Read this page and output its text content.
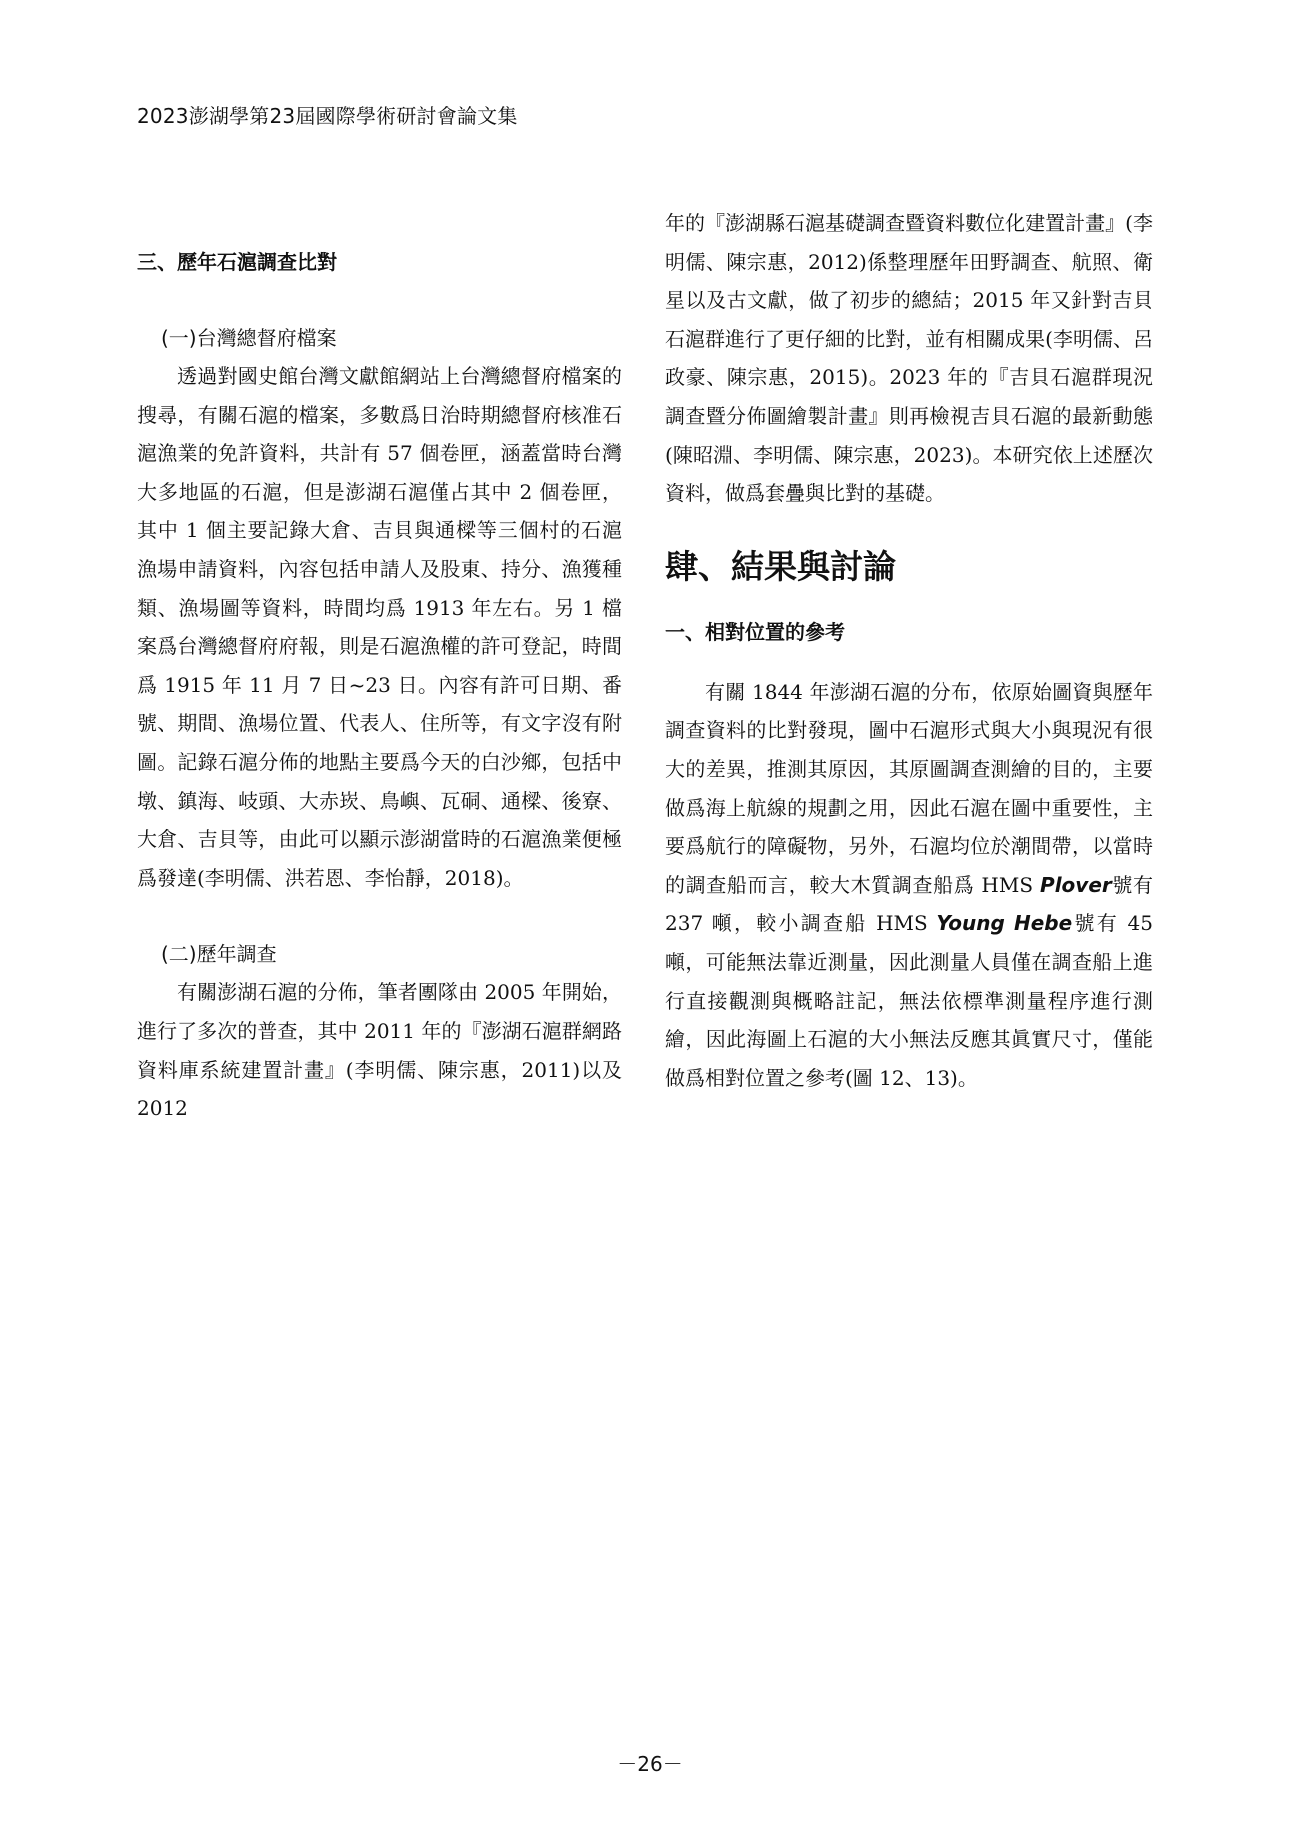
2023澎湖學第23屆國際學術研討會論文集

三、歷年石滬調查比對

(一)台灣總督府檔案

透過對國史館台灣文獻館網站上台灣總督府檔案的搜尋，有關石滬的檔案，多數爲日治時期總督府核准石滬漁業的免許資料，共計有 57 個卷匣，涵蓋當時台灣大多地區的石滬，但是澎湖石滬僅占其中 2 個卷匣，其中 1 個主要記錄大倉、吉貝與通樑等三個村的石滬漁場申請資料，內容包括申請人及股東、持分、漁獲種類、漁場圖等資料，時間均爲 1913 年左右。另 1 檔案爲台灣總督府府報，則是石滬漁權的許可登記，時間爲 1915 年 11 月 7 日~23 日。內容有許可日期、番號、期間、漁場位置、代表人、住所等，有文字沒有附圖。記錄石滬分佈的地點主要爲今天的白沙鄉，包括中墩、鎮海、岐頭、大赤崁、鳥嶼、瓦硐、通樑、後寮、大倉、吉貝等，由此可以顯示澎湖當時的石滬漁業便極爲發達(李明儒、洪若恩、李怡靜，2018)。

(二)歷年調查

有關澎湖石滬的分佈，筆者團隊由 2005 年開始，進行了多次的普查，其中 2011 年的『澎湖石滬群網路資料庫系統建置計畫』(李明儒、陳宗惠，2011)以及 2012

年的『澎湖縣石滬基礎調查暨資料數位化建置計畫』(李明儒、陳宗惠，2012)係整理歷年田野調查、航照、衛星以及古文獻，做了初步的總結；2015 年又針對吉貝石滬群進行了更仔細的比對，並有相關成果(李明儒、呂政豪、陳宗惠，2015)。2023 年的『吉貝石滬群現況調查暨分佈圖繪製計畫』則再檢視吉貝石滬的最新動態(陳昭淵、李明儒、陳宗惠，2023)。本研究依上述歷次資料，做爲套疊與比對的基礎。

肆、結果與討論

一、相對位置的參考

有關 1844 年澎湖石滬的分布，依原始圖資與歷年調查資料的比對發現，圖中石滬形式與大小與現況有很大的差異，推測其原因，其原圖調查測繪的目的，主要做爲海上航線的規劃之用，因此石滬在圖中重要性，主要爲航行的障礙物，另外，石滬均位於潮間帶，以當時的調查船而言，較大木質調查船爲 HMS Plover號有 237 噸，較小調查船 HMS Young Hebe號有 45 噸，可能無法靠近測量，因此測量人員僅在調查船上進行直接觀測與概略註記，無法依標準測量程序進行測繪，因此海圖上石滬的大小無法反應其眞實尺寸，僅能做爲相對位置之參考(圖 12、13)。

－26－
